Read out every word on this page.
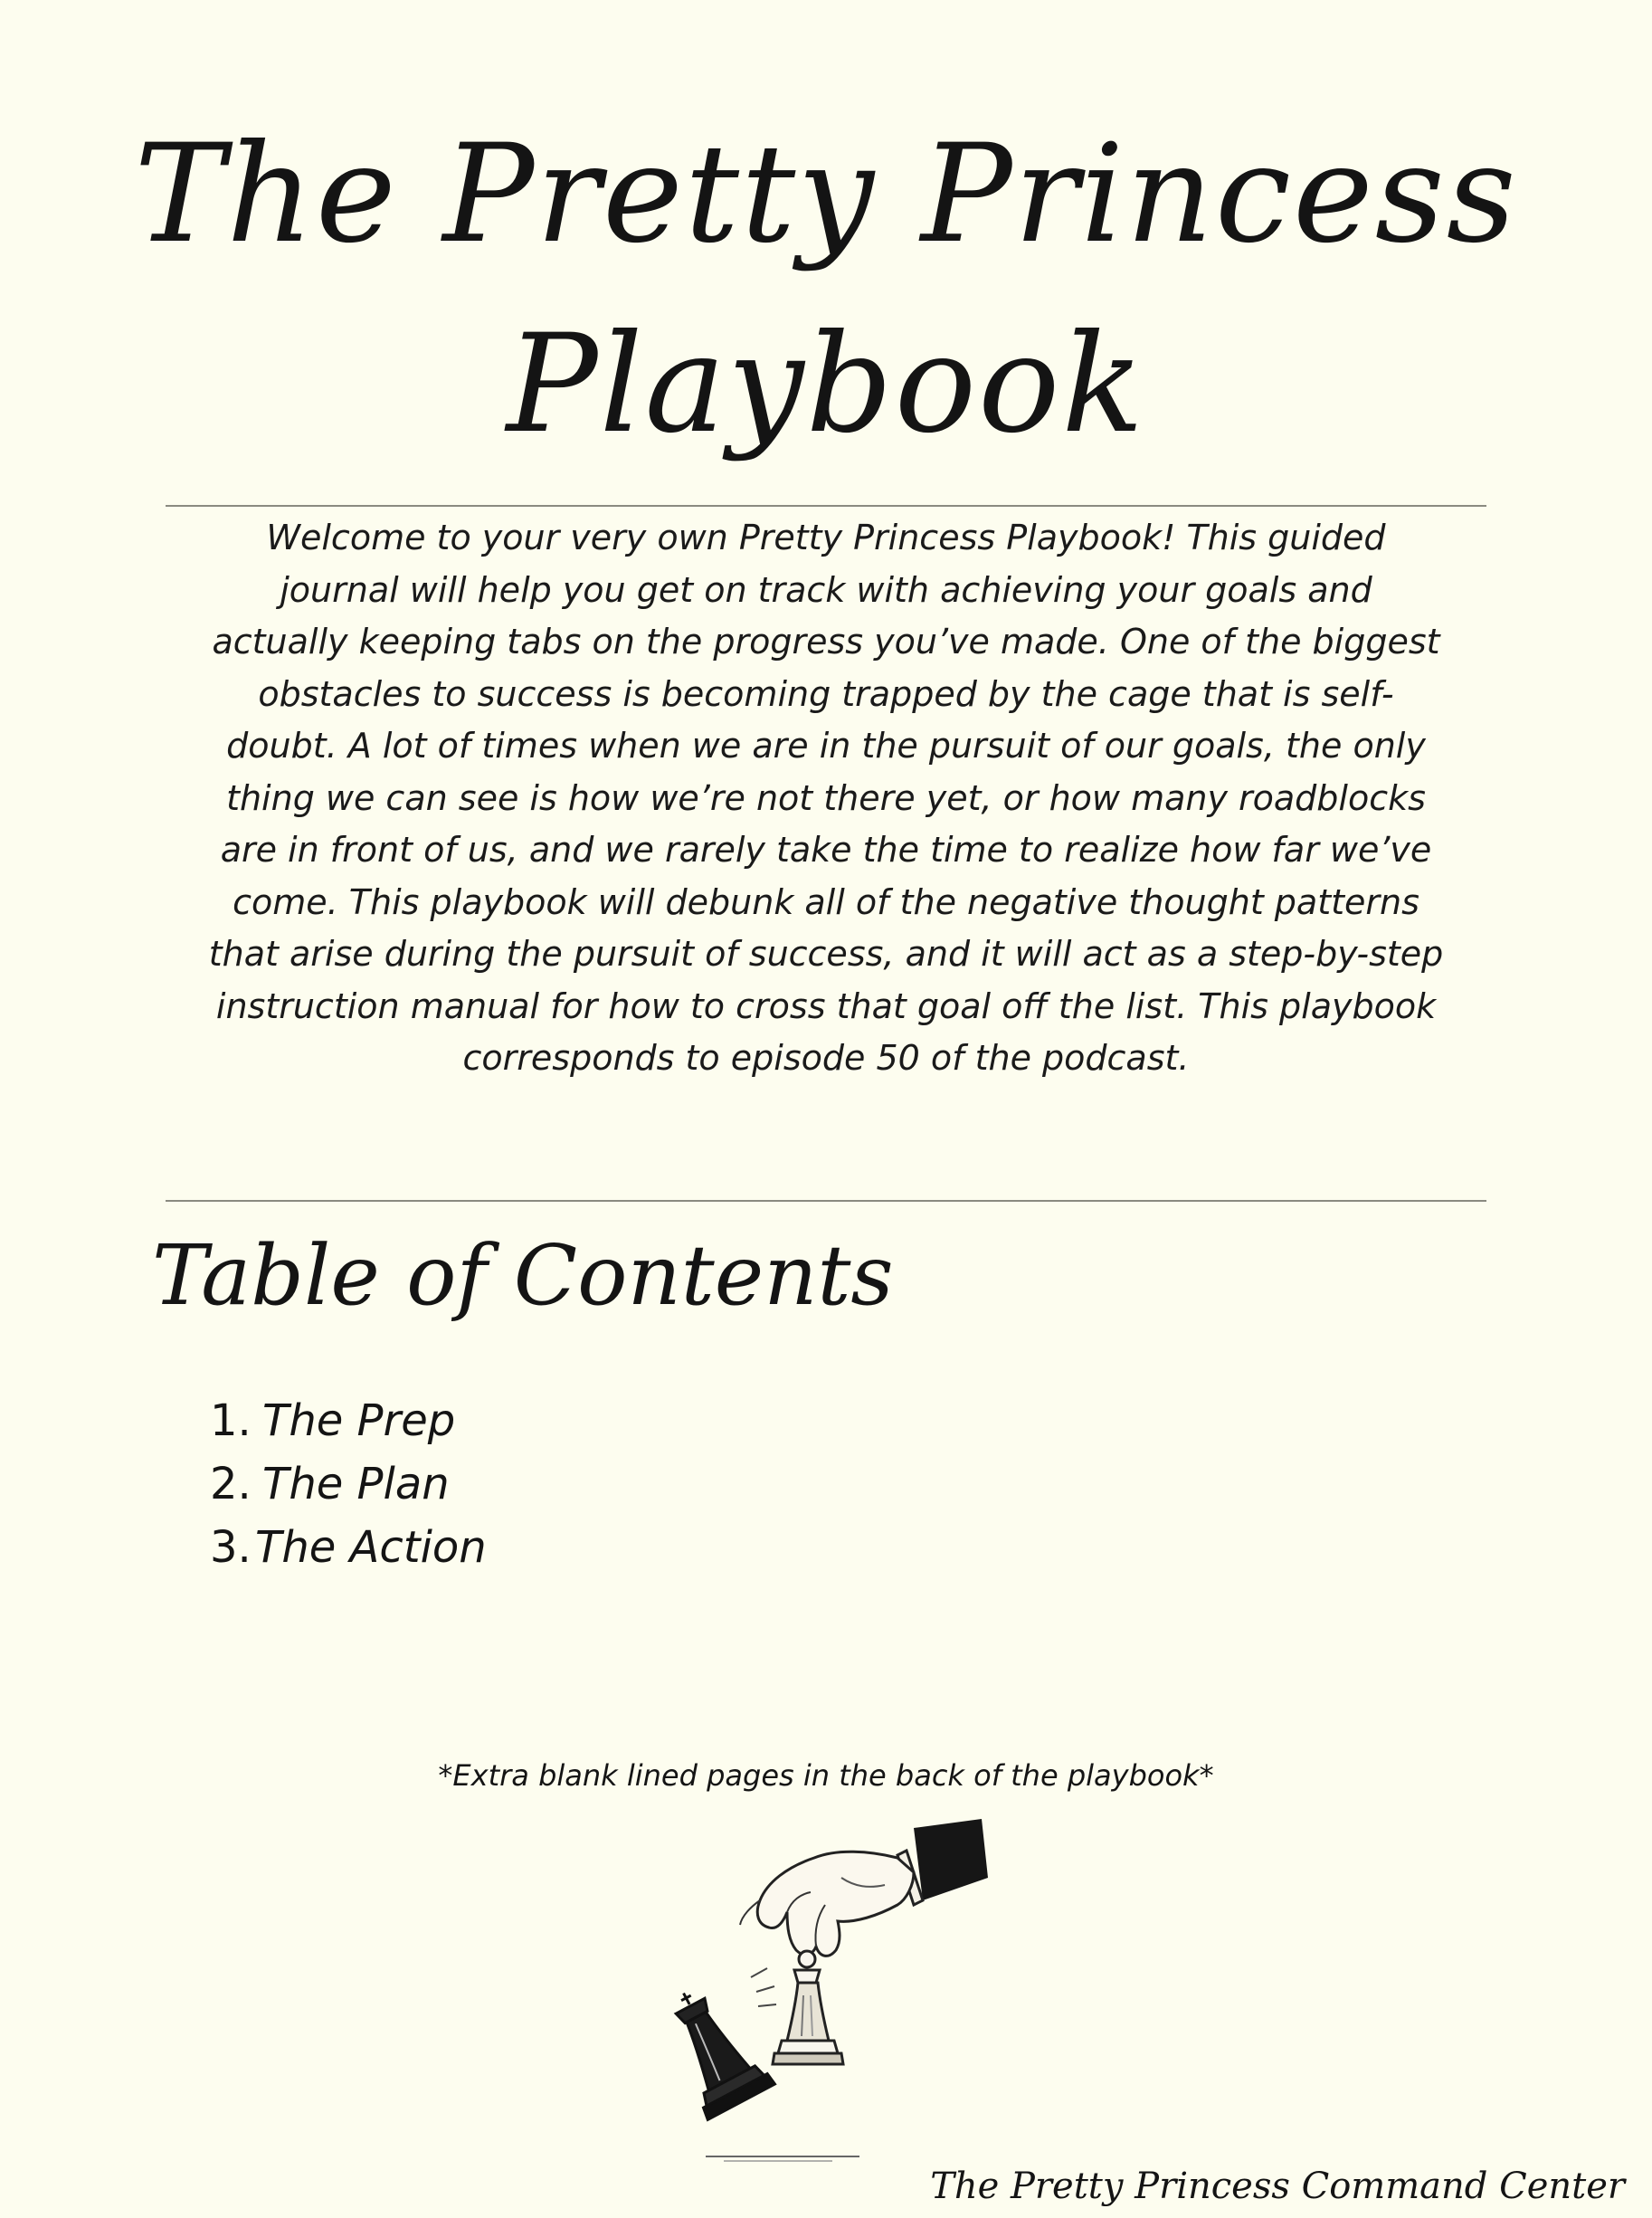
The Pretty Princess
Playbook

Welcome to your very own Pretty Princess Playbook! This guided journal will help you get on track with achieving your goals and actually keeping tabs on the progress you’ve made. One of the biggest obstacles to success is becoming trapped by the cage that is self-doubt. A lot of times when we are in the pursuit of our goals, the only thing we can see is how we’re not there yet, or how many roadblocks are in front of us, and we rarely take the time to realize how far we’ve come. This playbook will debunk all of the negative thought patterns that arise during the pursuit of success, and it will act as a step-by-step instruction manual for how to cross that goal off the list. This playbook corresponds to episode 50 of the podcast.

Table of Contents
1. The Prep
2. The Plan
3. The Action

*Extra blank lined pages in the back of the playbook*

The Pretty Princess Command Center
